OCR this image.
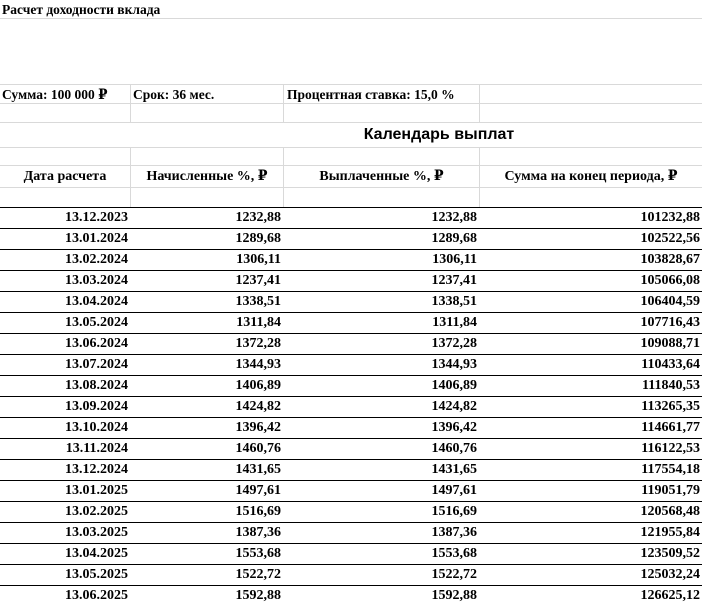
Расчет доходности вклада
Сумма: 100 000 ₽ Срок: 36 мес.	Процентная ставка: 15,0 %
Календарь выплат
Дата расчета	Начисленные %, ₽	Выплаченные %, ₽	Сумма на конец периода, ₽
13.12.2023	1232,88	1232,88	101232,88
13.01.2024	1289,68	1289,68	102522,56
13.02.2024	1306,11	1306,11	103828,67
13.03.2024	1237,41	1237,41	105066,08
13.04.2024	1338,51	1338,51	106404,59
13.05.2024	1311,84	1311,84	107716,43
13.06.2024	1372,28	1372,28	109088,71
13.07.2024	1344,93	1344,93	110433,64
13.08.2024	1406,89	1406,89	111840,53
13.09.2024	1424,82	1424,82	113265,35
13.10.2024	1396,42	1396,42	114661,77
13.11.2024	1460,76	1460,76	116122,53
13.12.2024	1431,65	1431,65	117554,18
13.01.2025	1497,61	1497,61	119051,79
13.02.2025	1516,69	1516,69	120568,48
13.03.2025	1387,36	1387,36	121955,84
13.04.2025	1553,68	1553,68	123509,52
13.05.2025	1522,72	1522,72	125032,24
13.06.2025	1592,88	1592,88	126625,12
